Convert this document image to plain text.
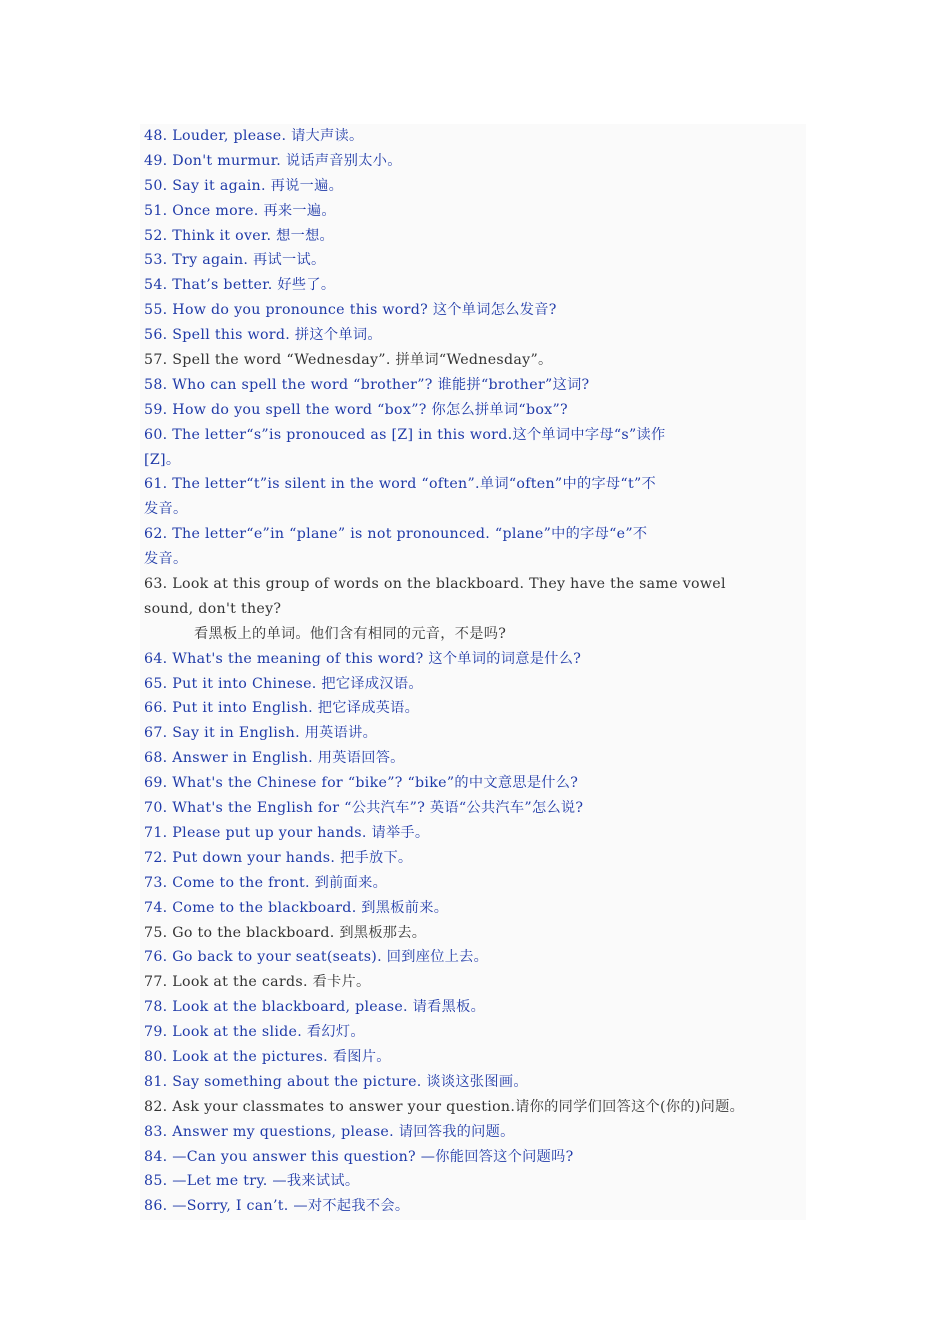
48. Louder, please. 请大声读。
49. Don't murmur. 说话声音别太小。
50. Say it again. 再说一遍。
51. Once more. 再来一遍。
52. Think it over. 想一想。
53. Try again. 再试一试。
54. That’s better. 好些了。
55. How do you pronounce this word? 这个单词怎么发音?
56. Spell this word. 拼这个单词。
57. Spell the word “Wednesday”. 拼单词“Wednesday”。
58. Who can spell the word “brother”? 谁能拼“brother”这词?
59. How do you spell the word “box”? 你怎么拼单词“box”?
60. The letter“s”is pronouced as [Z] in this word.这个单词中字母“s”读作
[Z]。
61. The letter“t”is silent in the word “often”.单词“often”中的字母“t”不
发音。
62. The letter“e”in “plane” is not pronounced. “plane”中的字母“e”不
发音。
63. Look at this group of words on the blackboard. They have the same vowel
sound, don't they?
看黑板上的单词。他们含有相同的元音，不是吗?
64. What's the meaning of this word? 这个单词的词意是什么?
65. Put it into Chinese. 把它译成汉语。
66. Put it into English. 把它译成英语。
67. Say it in English. 用英语讲。
68. Answer in English. 用英语回答。
69. What's the Chinese for “bike”? “bike”的中文意思是什么?
70. What's the English for “公共汽车”? 英语“公共汽车”怎么说?
71. Please put up your hands. 请举手。
72. Put down your hands. 把手放下。
73. Come to the front. 到前面来。
74. Come to the blackboard. 到黑板前来。
75. Go to the blackboard. 到黑板那去。
76. Go back to your seat(seats). 回到座位上去。
77. Look at the cards. 看卡片。
78. Look at the blackboard, please. 请看黑板。
79. Look at the slide. 看幻灯。
80. Look at the pictures. 看图片。
81. Say something about the picture. 谈谈这张图画。
82. Ask your classmates to answer your question.请你的同学们回答这个(你的)问题。
83. Answer my questions, please. 请回答我的问题。
84. —Can you answer this question? —你能回答这个问题吗?
85. —Let me try. —我来试试。
86. —Sorry, I can’t. —对不起我不会。
